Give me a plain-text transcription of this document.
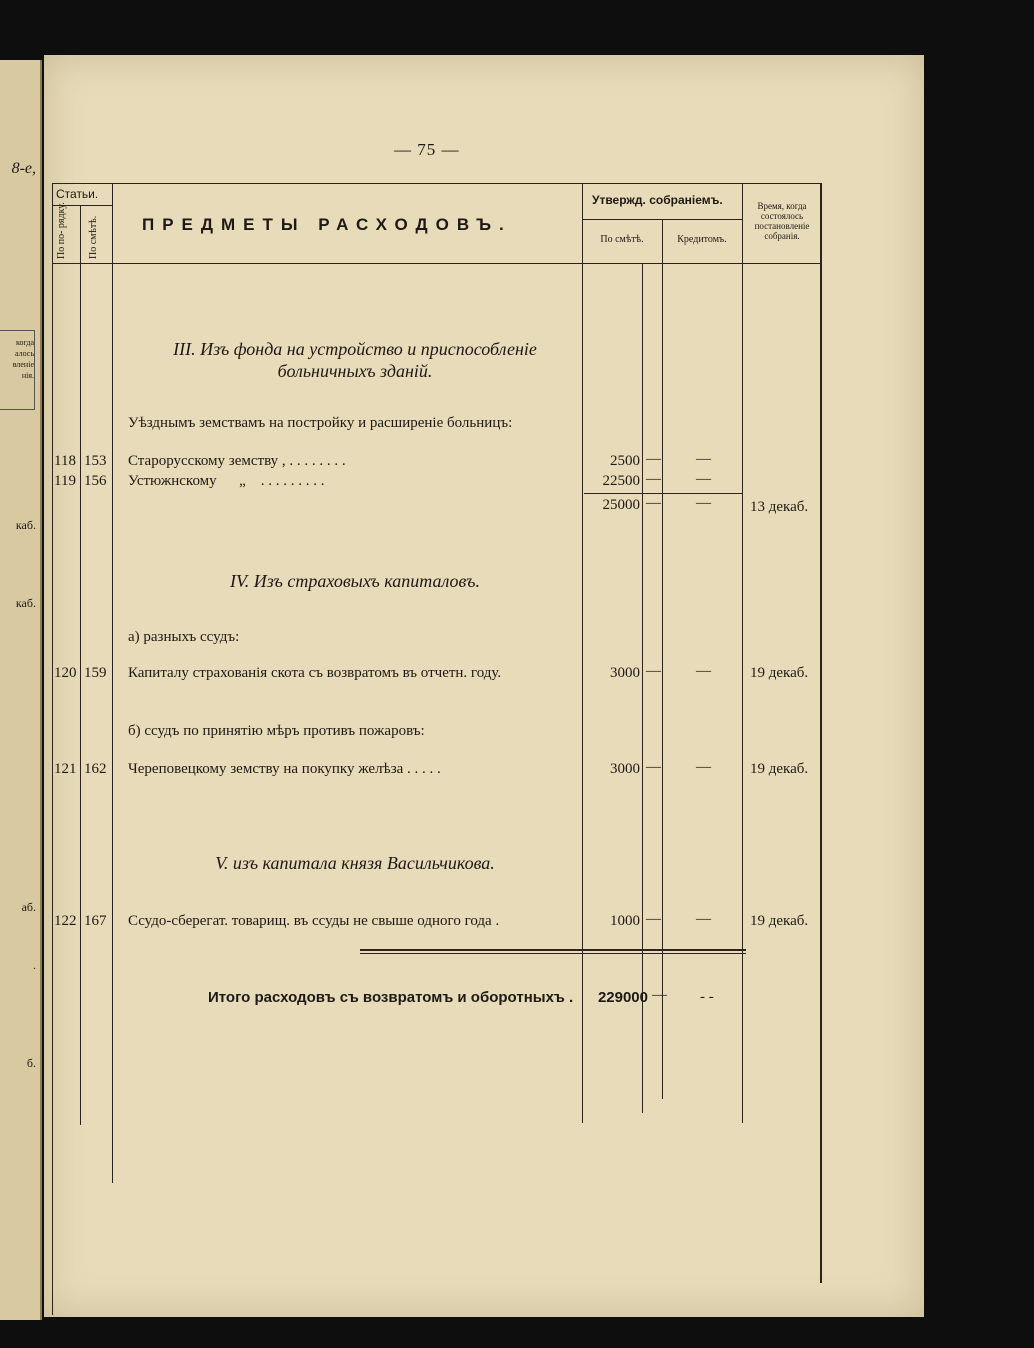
8-е,
когда
алось
вленіе
нія.
каб.
каб.
аб.
.
б.
— 75 —
Статьи.
По по- рядку. По смѣтѣ.	ПРЕДМЕТЫ РАСХОДОВЪ.
Утвержд. собраніемъ.
По смѣтѣ.	Кредитомъ.
Время, когда состоялось постановленіе собранія.
III. Изъ фонда на устройство и приспособленіе
больничныхъ зданій.
Уѣзднымъ земствамъ на постройку и расширеніе больницъ:
118 153 Старорусскому земству , . . . . . . . .	2500 — —
119 156 Устюжнскому      „    . . . . . . . . .	22500 — —
25000 — —	13 декаб.
IV. Изъ страховыхъ капиталовъ.
а) разныхъ ссудъ:
120 159 Капиталу страхованія скота съ возвратомъ въ отчетн. году.	3000 — —	19 декаб.
б) ссудъ по принятію мѣръ противъ пожаровъ:
121 162 Череповецкому земству на покупку желѣза . . . . .	3000 — —	19 декаб.
V. изъ капитала князя Васильчикова.
122 167 Ссудо-сберегат. товарищ. въ ссуды не свыше одного года .	1000 — —	19 декаб.
Итого расходовъ съ возвратомъ и оборотныхъ .	229000 — - -
